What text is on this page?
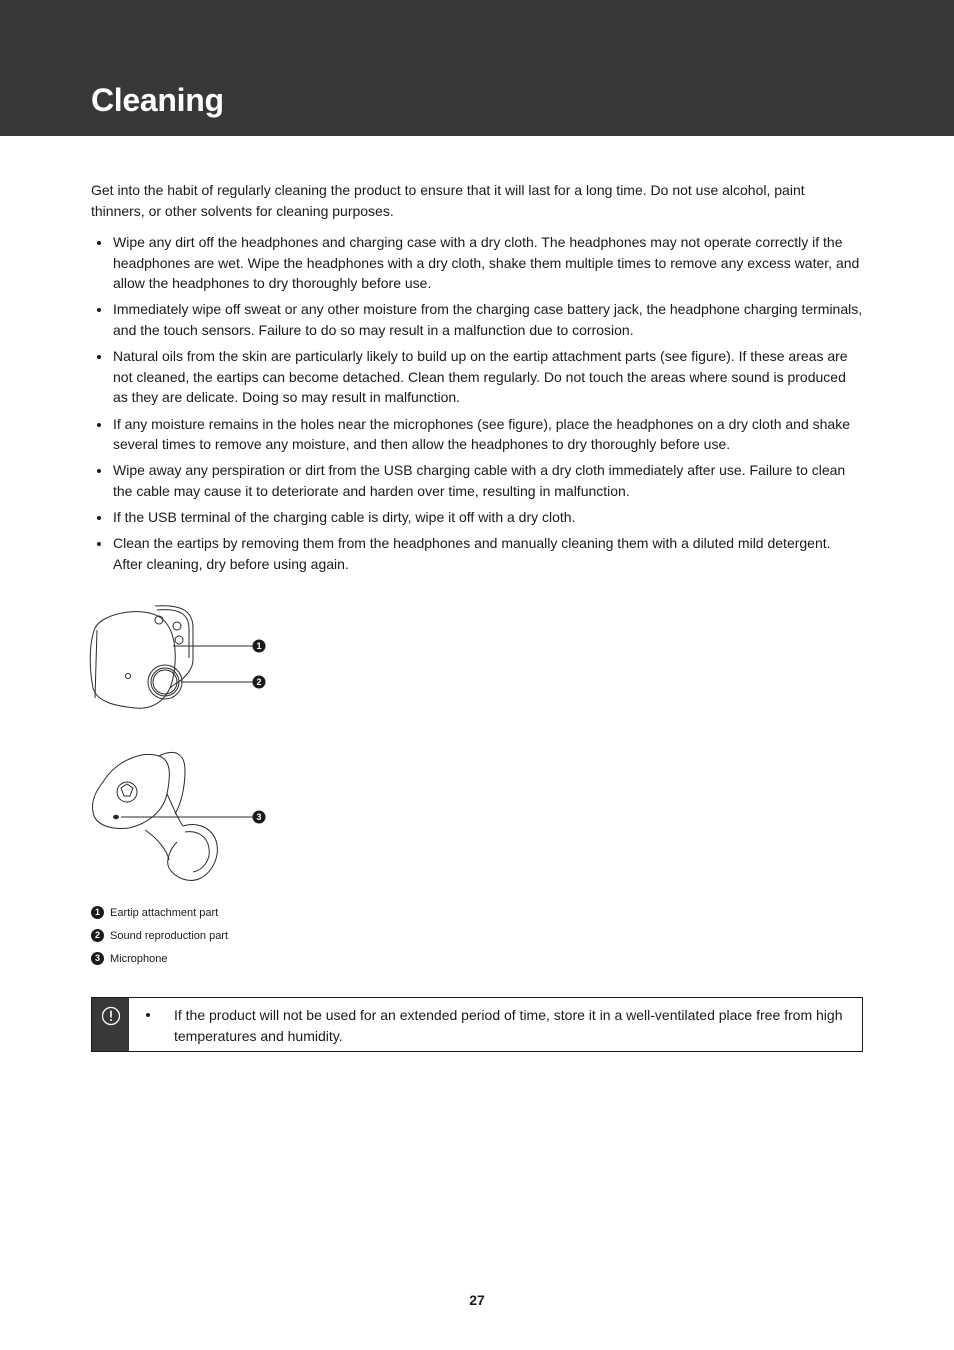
Cleaning

Get into the habit of regularly cleaning the product to ensure that it will last for a long time. Do not use alcohol, paint thinners, or other solvents for cleaning purposes.

Wipe any dirt off the headphones and charging case with a dry cloth. The headphones may not operate correctly if the headphones are wet. Wipe the headphones with a dry cloth, shake them multiple times to remove any excess water, and allow the headphones to dry thoroughly before use.
Immediately wipe off sweat or any other moisture from the charging case battery jack, the headphone charging terminals, and the touch sensors. Failure to do so may result in a malfunction due to corrosion.
Natural oils from the skin are particularly likely to build up on the eartip attachment parts (see figure). If these areas are not cleaned, the eartips can become detached. Clean them regularly. Do not touch the areas where sound is produced as they are delicate. Doing so may result in malfunction.
If any moisture remains in the holes near the microphones (see figure), place the headphones on a dry cloth and shake several times to remove any moisture, and then allow the headphones to dry thoroughly before use.
Wipe away any perspiration or dirt from the USB charging cable with a dry cloth immediately after use. Failure to clean the cable may cause it to deteriorate and harden over time, resulting in malfunction.
If the USB terminal of the charging cable is dirty, wipe it off with a dry cloth.
Clean the eartips by removing them from the headphones and manually cleaning them with a diluted mild detergent. After cleaning, dry before using again.
1
2
3
1 Eartip attachment part
2 Sound reproduction part
3 Microphone
If the product will not be used for an extended period of time, store it in a well-ventilated place free from high temperatures and humidity.
27
